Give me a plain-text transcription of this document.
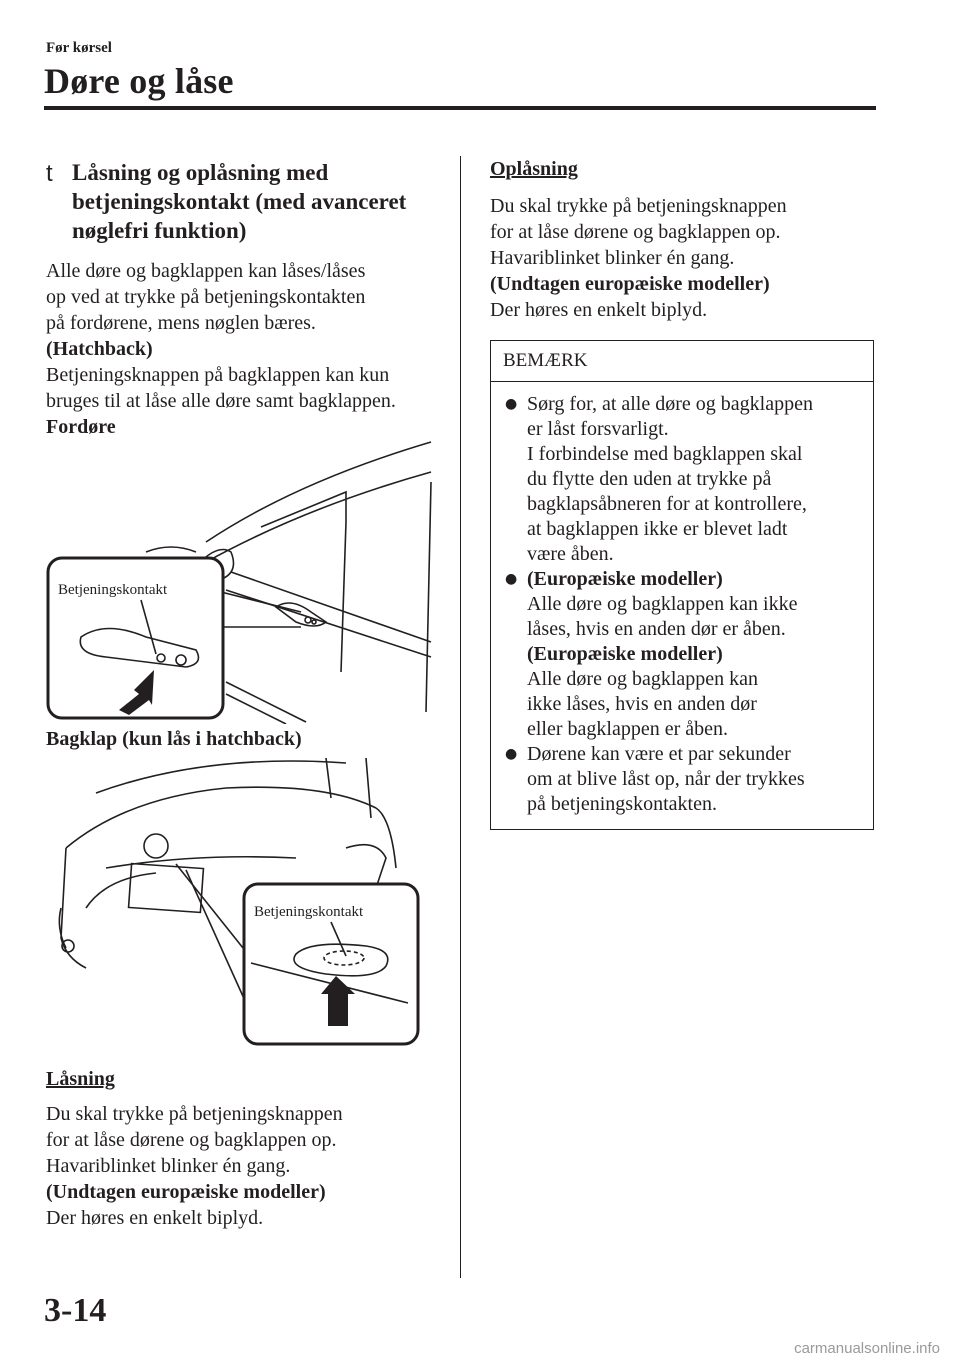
Før kørsel
Døre og låse
t Låsning og oplåsning med betjeningskontakt (med avanceret nøglefri funktion)
Alle døre og bagklappen kan låses/låses
op ved at trykke på betjeningskontakten
på fordørene, mens nøglen bæres.
(Hatchback)
Betjeningsknappen på bagklappen kan kun
bruges til at låse alle døre samt bagklappen.
Fordøre
Betjeningskontakt
Bagklap (kun lås i hatchback)
Betjeningskontakt
Låsning
Du skal trykke på betjeningsknappen
for at låse dørene og bagklappen op.
Havariblinket blinker én gang.
(Undtagen europæiske modeller)
Der høres en enkelt biplyd.
Oplåsning
Du skal trykke på betjeningsknappen
for at låse dørene og bagklappen op.
Havariblinket blinker én gang.
(Undtagen europæiske modeller)
Der høres en enkelt biplyd.
BEMÆRK
● Sørg for, at alle døre og bagklappen
er låst forsvarligt.
I forbindelse med bagklappen skal
du flytte den uden at trykke på
bagklapsåbneren for at kontrollere,
at bagklappen ikke er blevet ladt
være åben.
● (Europæiske modeller)
Alle døre og bagklappen kan ikke
låses, hvis en anden dør er åben.
(Europæiske modeller)
Alle døre og bagklappen kan
ikke låses, hvis en anden dør
eller bagklappen er åben.
● Dørene kan være et par sekunder
om at blive låst op, når der trykkes
på betjeningskontakten.
3-14
carmanualsonline.info
